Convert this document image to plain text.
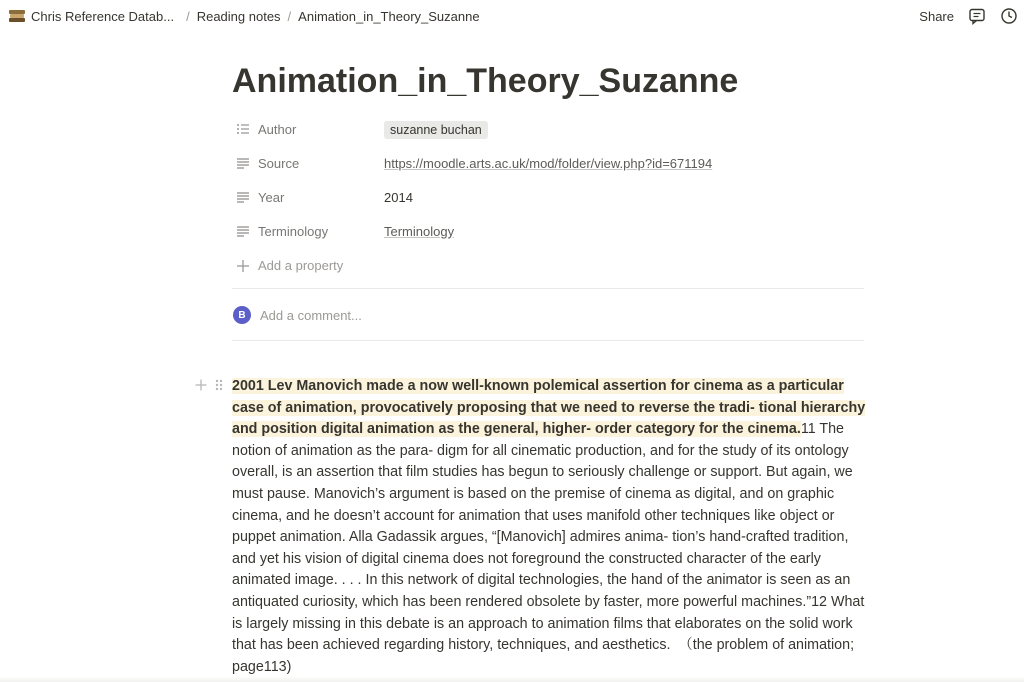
Chris Reference Datab... / Reading notes / Animation_in_Theory_Suzanne	Share
Animation_in_Theory_Suzanne
Author	suzanne buchan
Source	https://moodle.arts.ac.uk/mod/folder/view.php?id=671194
Year	2014
Terminology	Terminology
Add a property
B	Add a comment...
2001 Lev Manovich made a now well-known polemical assertion for cinema as a particular case of animation, provocatively proposing that we need to reverse the tradi- tional hierarchy and position digital animation as the general, higher- order category for the cinema.11 The notion of animation as the para- digm for all cinematic production, and for the study of its ontology overall, is an assertion that film studies has begun to seriously challenge or support. But again, we must pause. Manovich’s argument is based on the premise of cinema as digital, and on graphic cinema, and he doesn’t account for animation that uses manifold other techniques like object or puppet animation. Alla Gadassik argues, “[Manovich] admires anima- tion’s hand-crafted tradition, and yet his vision of digital cinema does not foreground the constructed character of the early animated image. . . . In this network of digital technologies, the hand of the animator is seen as an antiquated curiosity, which has been rendered obsolete by faster, more powerful machines.”12 What is largely missing in this debate is an approach to animation films that elaborates on the solid work that has been achieved regarding history, techniques, and aesthetics. （the problem of animation; page113)
